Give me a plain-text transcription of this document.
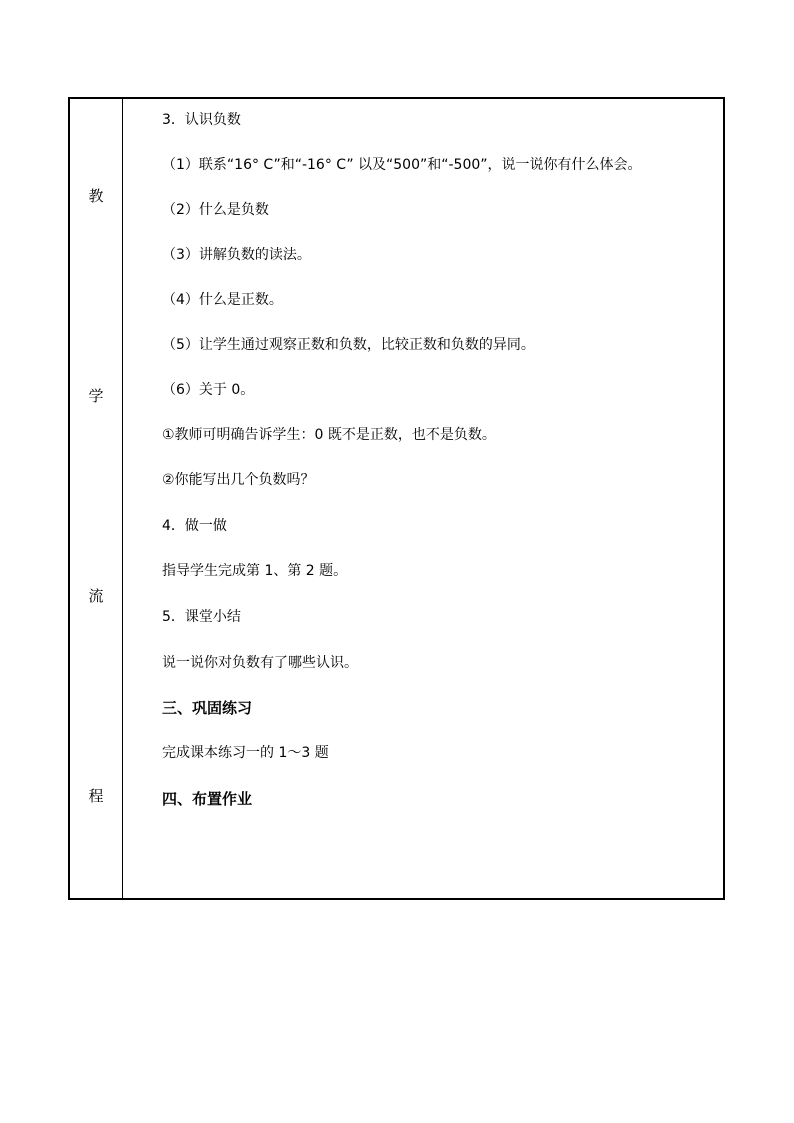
教
学
流
程
3．认识负数
（1）联系“16° C”和“-16° C” 以及“500”和“-500”，说一说你有什么体会。
（2）什么是负数
（3）讲解负数的读法。
（4）什么是正数。
（5）让学生通过观察正数和负数，比较正数和负数的异同。
（6）关于 0。
①教师可明确告诉学生：0 既不是正数，也不是负数。
②你能写出几个负数吗？
4．做一做
指导学生完成第 1、第 2 题。
5．课堂小结
说一说你对负数有了哪些认识。
三、巩固练习
完成课本练习一的 1～3 题
四、布置作业
